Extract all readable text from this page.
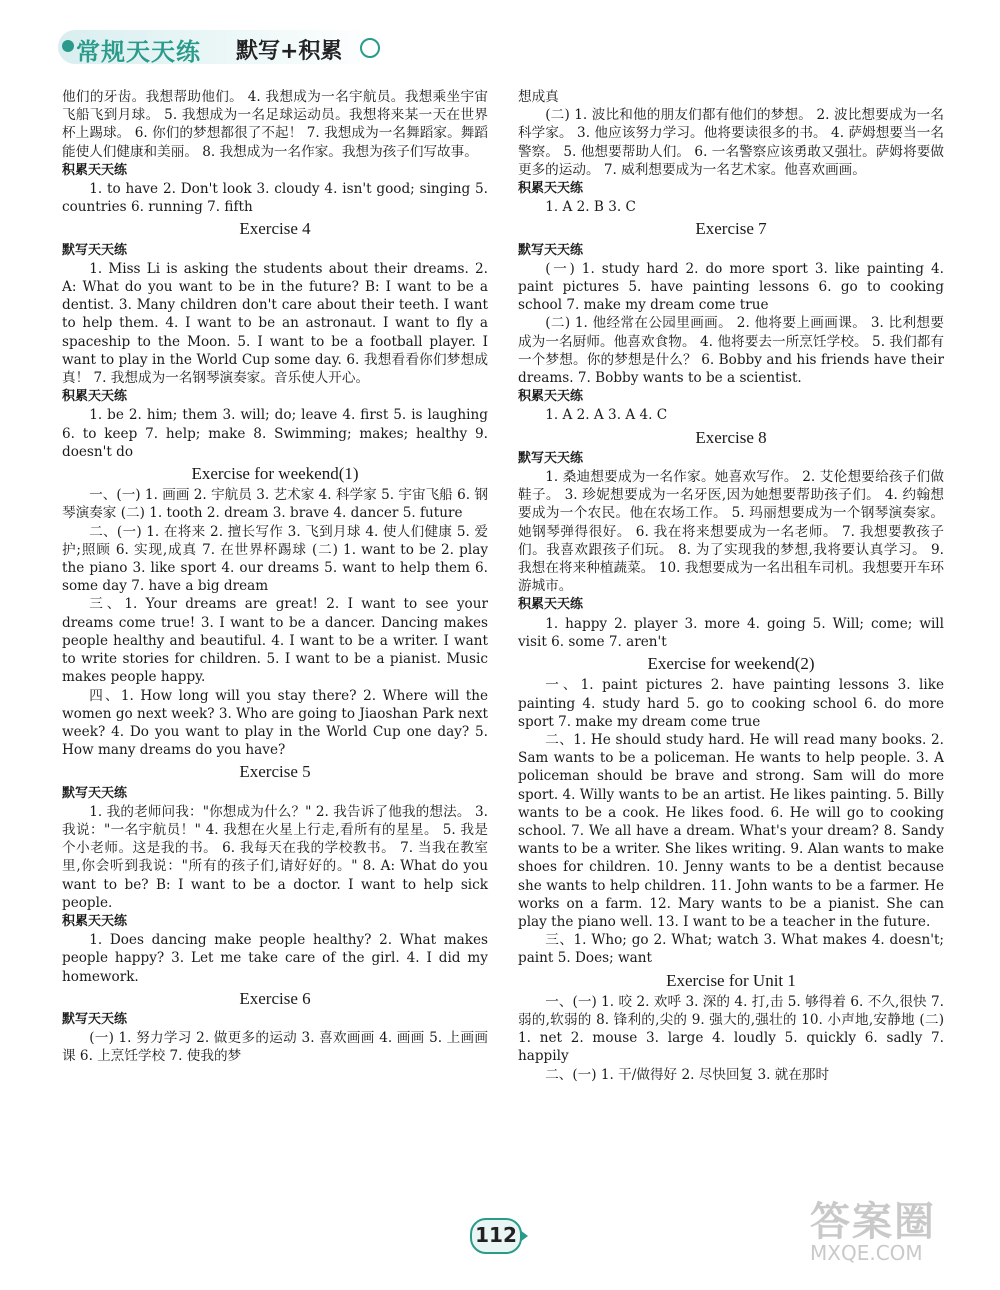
常规天天练 默写+积累
他们的牙齿。我想帮助他们。 4. 我想成为一名宇航员。我想乘坐宇宙飞船飞到月球。 5. 我想成为一名足球运动员。我想将来某一天在世界杯上踢球。 6. 你们的梦想都很了不起！ 7. 我想成为一名舞蹈家。舞蹈能使人们健康和美丽。 8. 我想成为一名作家。我想为孩子们写故事。
积累天天练
1. to have 2. Don't look 3. cloudy 4. isn't good; singing 5. countries 6. running 7. fifth
Exercise 4
默写天天练
1. Miss Li is asking the students about their dreams. 2. A: What do you want to be in the future? B: I want to be a dentist. 3. Many children don't care about their teeth. I want to help them. 4. I want to be an astronaut. I want to fly a spaceship to the Moon. 5. I want to be a football player. I want to play in the World Cup some day. 6. 我想看看你们梦想成真！ 7. 我想成为一名钢琴演奏家。音乐使人开心。
积累天天练
1. be 2. him; them 3. will; do; leave 4. first 5. is laughing 6. to keep 7. help; make 8. Swimming; makes; healthy 9. doesn't do
Exercise for weekend(1)
一、(一) 1. 画画 2. 宇航员 3. 艺术家 4. 科学家 5. 宇宙飞船 6. 钢琴演奏家 (二) 1. tooth 2. dream 3. brave 4. dancer 5. future
二、(一) 1. 在将来 2. 擅长写作 3. 飞到月球 4. 使人们健康 5. 爱护;照顾 6. 实现,成真 7. 在世界杯踢球 (二) 1. want to be 2. play the piano 3. like sport 4. our dreams 5. want to help them 6. some day 7. have a big dream
三、1. Your dreams are great! 2. I want to see your dreams come true! 3. I want to be a dancer. Dancing makes people healthy and beautiful. 4. I want to be a writer. I want to write stories for children. 5. I want to be a pianist. Music makes people happy.
四、1. How long will you stay there? 2. Where will the women go next week? 3. Who are going to Jiaoshan Park next week? 4. Do you want to play in the World Cup one day? 5. How many dreams do you have?
Exercise 5
默写天天练
1. 我的老师问我："你想成为什么？" 2. 我告诉了他我的想法。 3. 我说："一名宇航员！" 4. 我想在火星上行走,看所有的星星。 5. 我是个小老师。这是我的书。 6. 我每天在我的学校教书。 7. 当我在教室里,你会听到我说："所有的孩子们,请好好的。" 8. A: What do you want to be? B: I want to be a doctor. I want to help sick people.
积累天天练
1. Does dancing make people healthy? 2. What makes people happy? 3. Let me take care of the girl. 4. I did my homework.
Exercise 6
默写天天练
(一) 1. 努力学习 2. 做更多的运动 3. 喜欢画画 4. 画画 5. 上画画课 6. 上烹饪学校 7. 使我的梦
想成真
(二) 1. 波比和他的朋友们都有他们的梦想。 2. 波比想要成为一名科学家。 3. 他应该努力学习。他将要读很多的书。 4. 萨姆想要当一名警察。 5. 他想要帮助人们。 6. 一名警察应该勇敢又强壮。萨姆将要做更多的运动。 7. 威利想要成为一名艺术家。他喜欢画画。
积累天天练
1. A 2. B 3. C
Exercise 7
默写天天练
(一) 1. study hard 2. do more sport 3. like painting 4. paint pictures 5. have painting lessons 6. go to cooking school 7. make my dream come true
(二) 1. 他经常在公园里画画。 2. 他将要上画画课。 3. 比利想要成为一名厨师。他喜欢食物。 4. 他将要去一所烹饪学校。 5. 我们都有一个梦想。你的梦想是什么？ 6. Bobby and his friends have their dreams. 7. Bobby wants to be a scientist.
积累天天练
1. A 2. A 3. A 4. C
Exercise 8
默写天天练
1. 桑迪想要成为一名作家。她喜欢写作。 2. 艾伦想要给孩子们做鞋子。 3. 珍妮想要成为一名牙医,因为她想要帮助孩子们。 4. 约翰想要成为一个农民。他在农场工作。 5. 玛丽想要成为一个钢琴演奏家。她钢琴弹得很好。 6. 我在将来想要成为一名老师。 7. 我想要教孩子们。我喜欢跟孩子们玩。 8. 为了实现我的梦想,我将要认真学习。 9. 我想在将来种植蔬菜。 10. 我想要成为一名出租车司机。我想要开车环游城市。
积累天天练
1. happy 2. player 3. more 4. going 5. Will; come; will visit 6. some 7. aren't
Exercise for weekend(2)
一、1. paint pictures 2. have painting lessons 3. like painting 4. study hard 5. go to cooking school 6. do more sport 7. make my dream come true
二、1. He should study hard. He will read many books. 2. Sam wants to be a policeman. He wants to help people. 3. A policeman should be brave and strong. Sam will do more sport. 4. Willy wants to be an artist. He likes painting. 5. Billy wants to be a cook. He likes food. 6. He will go to cooking school. 7. We all have a dream. What's your dream? 8. Sandy wants to be a writer. She likes writing. 9. Alan wants to make shoes for children. 10. Jenny wants to be a dentist because she wants to help children. 11. John wants to be a farmer. He works on a farm. 12. Mary wants to be a pianist. She can play the piano well. 13. I want to be a teacher in the future.
三、1. Who; go 2. What; watch 3. What makes 4. doesn't; paint 5. Does; want
Exercise for Unit 1
一、(一) 1. 咬 2. 欢呼 3. 深的 4. 打,击 5. 够得着 6. 不久,很快 7. 弱的,软弱的 8. 锋利的,尖的 9. 强大的,强壮的 10. 小声地,安静地 (二) 1. net 2. mouse 3. large 4. loudly 5. quickly 6. sadly 7. happily
二、(一) 1. 干/做得好 2. 尽快回复 3. 就在那时
112	答案圈
MXQE.COM
